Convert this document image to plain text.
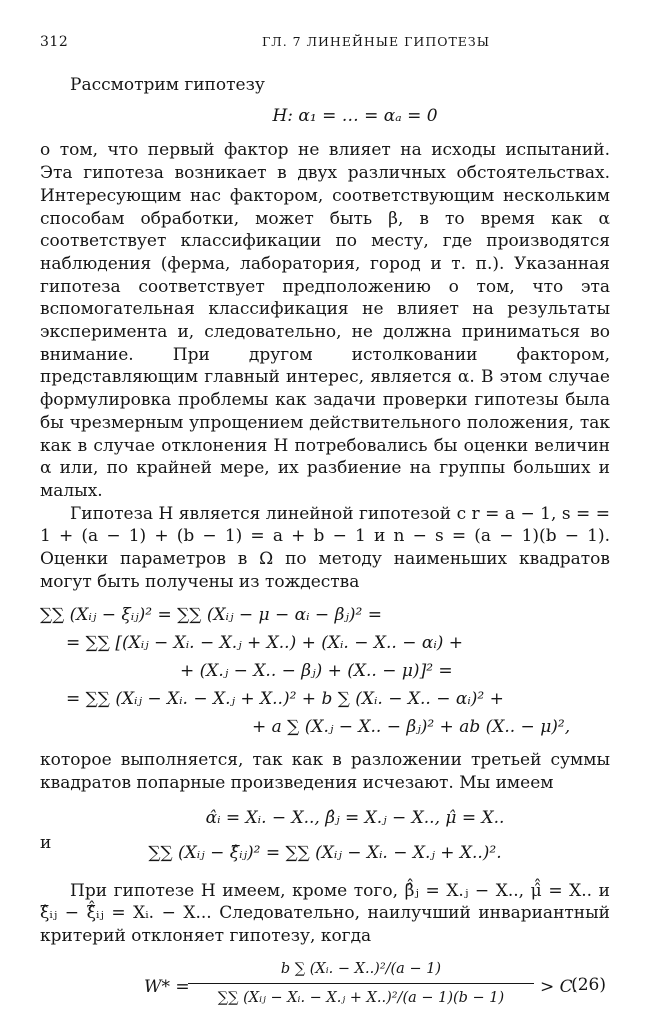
312	ГЛ. 7 ЛИНЕЙНЫЕ ГИПОТЕЗЫ

Рассмотрим гипотезу

H: α₁ = … = αₐ = 0

о том, что первый фактор не влияет на исходы испытаний. Эта гипотеза возникает в двух различных обстоятельствах. Интересующим нас фактором, соответствующим нескольким способам обработки, может быть β, в то время как α соответствует классификации по месту, где производятся наблюдения (ферма, лаборатория, город и т. п.). Указанная гипотеза соответствует предположению о том, что эта вспомогательная классификация не влияет на результаты эксперимента и, следовательно, не должна приниматься во внимание. При другом истолковании фактором, представляющим главный интерес, является α. В этом случае формулировка проблемы как задачи проверки гипотезы была бы чрезмерным упрощением действительного положения, так как в случае отклонения H потребовались бы оценки величин α или, по крайней мере, их разбиение на группы больших и малых.

Гипотеза H является линейной гипотезой с r = a − 1, s = = 1 + (a − 1) + (b − 1) = a + b − 1 и n − s = (a − 1)(b − 1). Оценки параметров в Ω по методу наименьших квадратов могут быть получены из тождества

∑∑ (Xᵢⱼ − ξᵢⱼ)² = ∑∑ (Xᵢⱼ − μ − αᵢ − βⱼ)² =
= ∑∑ [(Xᵢⱼ − Xᵢ. − X.ⱼ + X..) + (Xᵢ. − X.. − αᵢ) +
+ (X.ⱼ − X.. − βⱼ) + (X.. − μ)]² =
= ∑∑ (Xᵢⱼ − Xᵢ. − X.ⱼ + X..)² + b ∑ (Xᵢ. − X.. − αᵢ)² +
+ a ∑ (X.ⱼ − X.. − βⱼ)² + ab (X.. − μ)²,

которое выполняется, так как в разложении третьей суммы квадратов попарные произведения исчезают. Мы имеем

α̂ᵢ = Xᵢ. − X.., β̂ⱼ = X.ⱼ − X.., μ̂ = X..
и	∑∑ (Xᵢⱼ − ξ̂ᵢⱼ)² = ∑∑ (Xᵢⱼ − Xᵢ. − X.ⱼ + X..)².

При гипотезе H имеем, кроме того, β̂̂ⱼ = X.ⱼ − X.., μ̂̂ = X.. и ξ̂ᵢⱼ − ξ̂̂ᵢⱼ = Xᵢ. − X... Следовательно, наилучший инвариантный критерий отклоняет гипотезу, когда

W* =
b ∑ (Xᵢ. − X..)²/(a − 1)
∑∑ (Xᵢⱼ − Xᵢ. − X.ⱼ + X..)²/(a − 1)(b − 1)
> C.
(26)
